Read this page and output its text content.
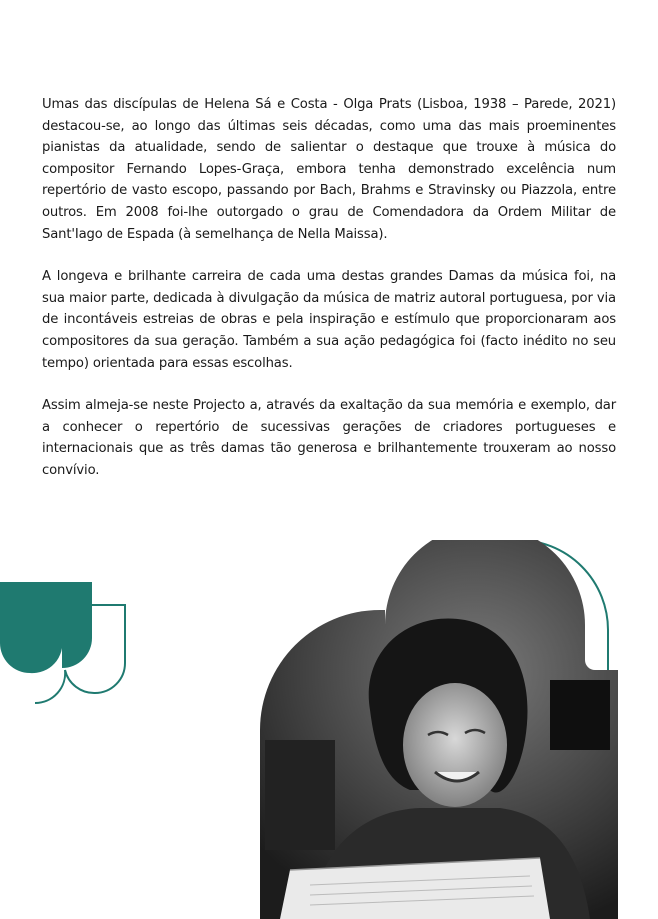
Umas das discípulas de Helena Sá e Costa - Olga Prats (Lisboa, 1938 – Parede, 2021) destacou-se, ao longo das últimas seis décadas, como uma das mais proeminentes pianistas da atualidade, sendo de salientar o destaque que trouxe à música do compositor Fernando Lopes-Graça, embora tenha demonstrado excelência num repertório de vasto escopo, passando por Bach, Brahms e Stravinsky ou Piazzola, entre outros. Em 2008 foi-lhe outorgado o grau de Comendadora da Ordem Militar de Sant'Iago de Espada (à semelhança de Nella Maissa).

A longeva e brilhante carreira de cada uma destas grandes Damas da música foi, na sua maior parte, dedicada à divulgação da música de matriz autoral portuguesa, por via de incontáveis estreias de obras e pela inspiração e estímulo que proporcionaram aos compositores da sua geração. Também a sua ação pedagógica foi (facto inédito no seu tempo) orientada para essas escolhas.

Assim almeja-se neste Projecto a, através da exaltação da sua memória e exemplo, dar a conhecer o repertório de sucessivas gerações de criadores portugueses e internacionais que as três damas tão generosa e brilhantemente trouxeram ao nosso convívio.
